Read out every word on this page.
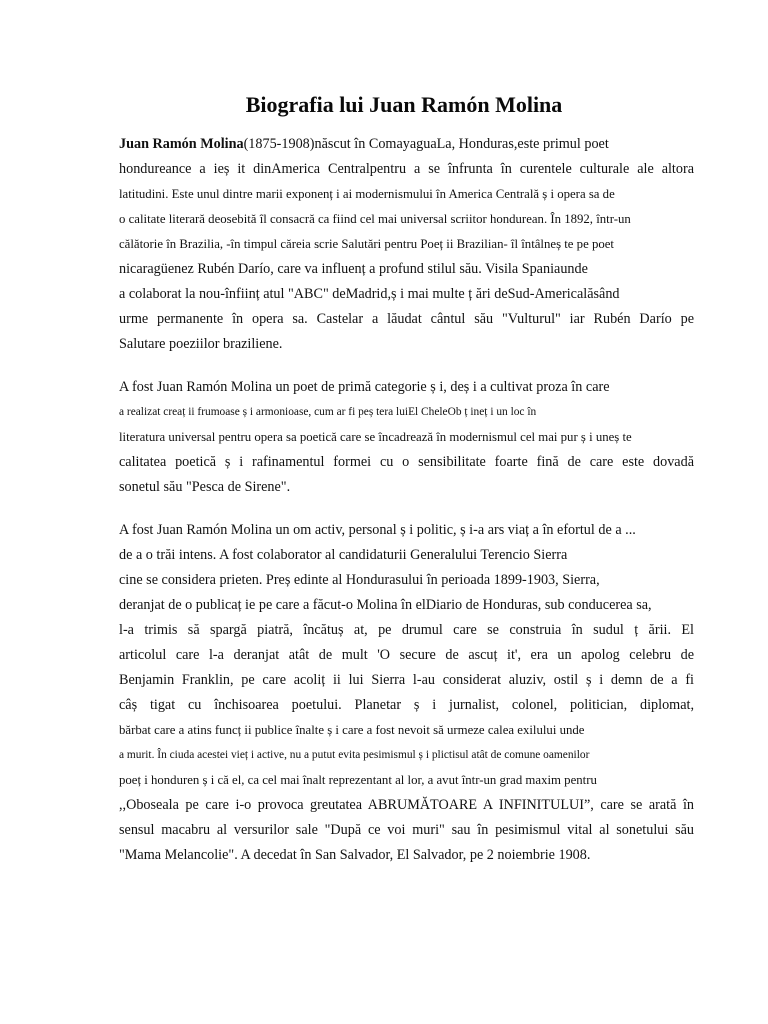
Biografia lui Juan Ramón Molina
Juan Ramón Molina(1875-1908)născut în ComayaguaLa, Honduras,este primul poet
hondureance a ieș it dinAmerica Centralpentru a se înfrunta în curentele culturale ale altora
latitudini. Este unul dintre marii exponenț i ai modernismului în America Centrală ș i opera sa de
o calitate literară deosebită îl consacră ca fiind cel mai universal scriitor hondurean. În 1892, într-un
călătorie în Brazilia, -în timpul căreia scrie Salutări pentru Poeț ii Brazilian- îl întâlneș te pe poet
nicaragüenez Rubén Darío, care va influenț a profund stilul său. Visila Spaniaunde
a colaborat la nou-înființ atul "ABC" deMadrid,ș i mai multe ț ări deSud-Americalăsând
urme permanente în opera sa. Castelar a lăudat cântul său "Vulturul" iar Rubén Darío pe
Salutare poeziilor braziliene.
A fost Juan Ramón Molina un poet de primă categorie ș i, deș i a cultivat proza în care
a realizat creaț ii frumoase ș i armonioase, cum ar fi peș tera luiEl CheleOb ț ineț i un loc în
literatura universal pentru opera sa poetică care se încadrează în modernismul cel mai pur ș i uneș te
calitatea poetică ș i rafinamentul formei cu o sensibilitate foarte fină de care este dovadă
sonetul său "Pesca de Sirene".
A fost Juan Ramón Molina un om activ, personal ș i politic, ș i-a ars viaț a în efortul de a ...
de a o trăi intens. A fost colaborator al candidaturii Generalului Terencio Sierra
cine se considera prieten. Preș edinte al Hondurasului în perioada 1899-1903, Sierra,
deranjat de o publicaț ie pe care a făcut-o Molina în elDiario de Honduras, sub conducerea sa,
l-a trimis să spargă piatră, încătuș at, pe drumul care se construia în sudul ț ării. El
articolul care l-a deranjat atât de mult 'O secure de ascuț it', era un apolog celebru de
Benjamin Franklin, pe care acoliț ii lui Sierra l-au considerat aluziv, ostil ș i demn de a fi
câș tigat cu închisoarea poetului. Planetar ș i jurnalist, colonel, politician, diplomat,
bărbat care a atins funcț ii publice înalte ș i care a fost nevoit să urmeze calea exilului unde
a murit. În ciuda acestei vieț i active, nu a putut evita pesimismul ș i plictisul atât de comune oamenilor
poeț i honduren ș i că el, ca cel mai înalt reprezentant al lor, a avut într-un grad maxim pentru
,,Oboseala pe care i-o provoca greutatea ABRUMĂTOARE A INFINITULUI”, care se arată în
sensul macabru al versurilor sale "După ce voi muri" sau în pesimismul vital al sonetului său
"Mama Melancolie". A decedat în San Salvador, El Salvador, pe 2 noiembrie 1908.
